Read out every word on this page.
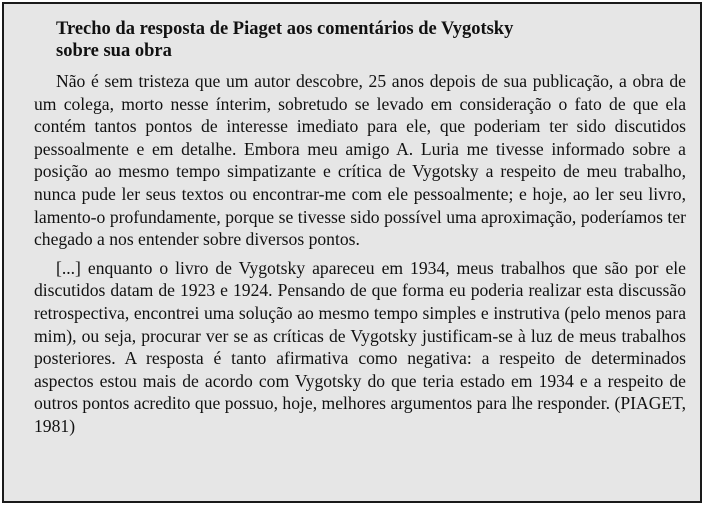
Trecho da resposta de Piaget aos comentários de Vygotsky
sobre sua obra

Não é sem tristeza que um autor descobre, 25 anos depois de sua publicação, a obra de um colega, morto nesse ínterim, sobretudo se levado em consideração o fato de que ela contém tantos pontos de interesse imediato para ele, que poderiam ter sido discutidos pessoalmente e em detalhe. Embora meu amigo A. Luria me tivesse informado sobre a posição ao mesmo tempo simpatizante e crítica de Vygotsky a respeito de meu trabalho, nunca pude ler seus textos ou encontrar-me com ele pessoalmente; e hoje, ao ler seu livro, lamento-o profundamente, porque se tivesse sido possível uma aproximação, poderíamos ter chegado a nos entender sobre diversos pontos.

[...] enquanto o livro de Vygotsky apareceu em 1934, meus trabalhos que são por ele discutidos datam de 1923 e 1924. Pensando de que forma eu poderia realizar esta discussão retrospectiva, encontrei uma solução ao mesmo tempo simples e instrutiva (pelo menos para mim), ou seja, procurar ver se as críticas de Vygotsky justificam-se à luz de meus trabalhos posteriores. A resposta é tanto afirmativa como negativa: a respeito de determinados aspectos estou mais de acordo com Vygotsky do que teria estado em 1934 e a respeito de outros pontos acredito que possuo, hoje, melhores argumentos para lhe responder. (PIAGET, 1981)
